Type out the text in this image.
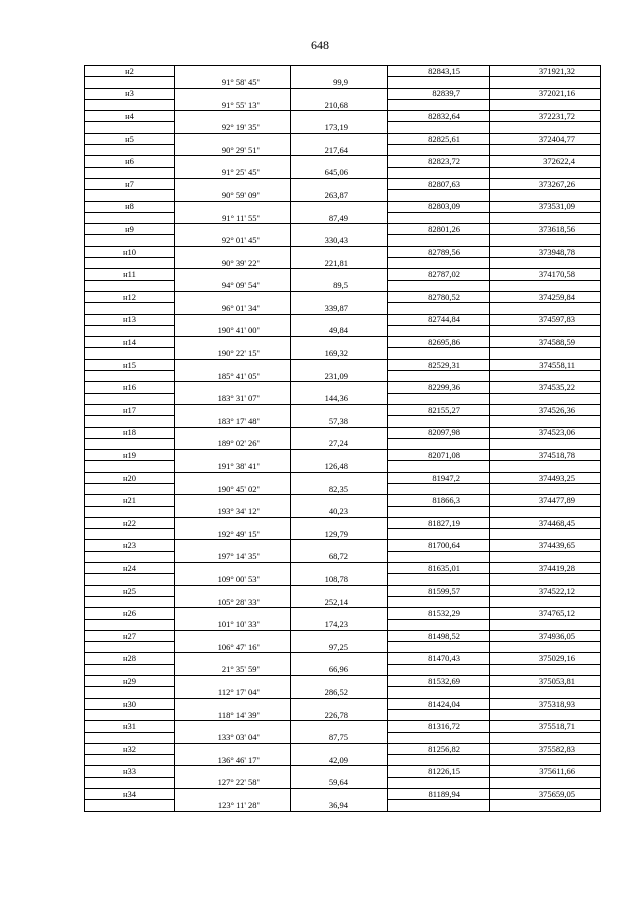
648
н2			82843,15	371921,32
	91° 58' 45"	99,9		
н3			82839,7	372021,16
	91° 55' 13"	210,68		
н4			82832,64	372231,72
	92° 19' 35"	173,19		
н5			82825,61	372404,77
	90° 29' 51"	217,64		
н6			82823,72	372622,4
	91° 25' 45"	645,06		
н7			82807,63	373267,26
	90° 59' 09"	263,87		
н8			82803,09	373531,09
	91° 11' 55"	87,49		
н9			82801,26	373618,56
	92° 01' 45"	330,43		
н10			82789,56	373948,78
	90° 39' 22"	221,81		
н11			82787,02	374170,58
	94° 09' 54"	89,5		
н12			82780,52	374259,84
	96° 01' 34"	339,87		
н13			82744,84	374597,83
	190° 41' 00"	49,84		
н14			82695,86	374588,59
	190° 22' 15"	169,32		
н15			82529,31	374558,11
	185° 41' 05"	231,09		
н16			82299,36	374535,22
	183° 31' 07"	144,36		
н17			82155,27	374526,36
	183° 17' 48"	57,38		
н18			82097,98	374523,06
	189° 02' 26"	27,24		
н19			82071,08	374518,78
	191° 38' 41"	126,48		
н20			81947,2	374493,25
	190° 45' 02"	82,35		
н21			81866,3	374477,89
	193° 34' 12"	40,23		
н22			81827,19	374468,45
	192° 49' 15"	129,79		
н23			81700,64	374439,65
	197° 14' 35"	68,72		
н24			81635,01	374419,28
	109° 00' 53"	108,78		
н25			81599,57	374522,12
	105° 28' 33"	252,14		
н26			81532,29	374765,12
	101° 10' 33"	174,23		
н27			81498,52	374936,05
	106° 47' 16"	97,25		
н28			81470,43	375029,16
	21° 35' 59"	66,96		
н29			81532,69	375053,81
	112° 17' 04"	286,52		
н30			81424,04	375318,93
	118° 14' 39"	226,78		
н31			81316,72	375518,71
	133° 03' 04"	87,75		
н32			81256,82	375582,83
	136° 46' 17"	42,09		
н33			81226,15	375611,66
	127° 22' 58"	59,64		
н34			81189,94	375659,05
	123° 11' 28"	36,94		
